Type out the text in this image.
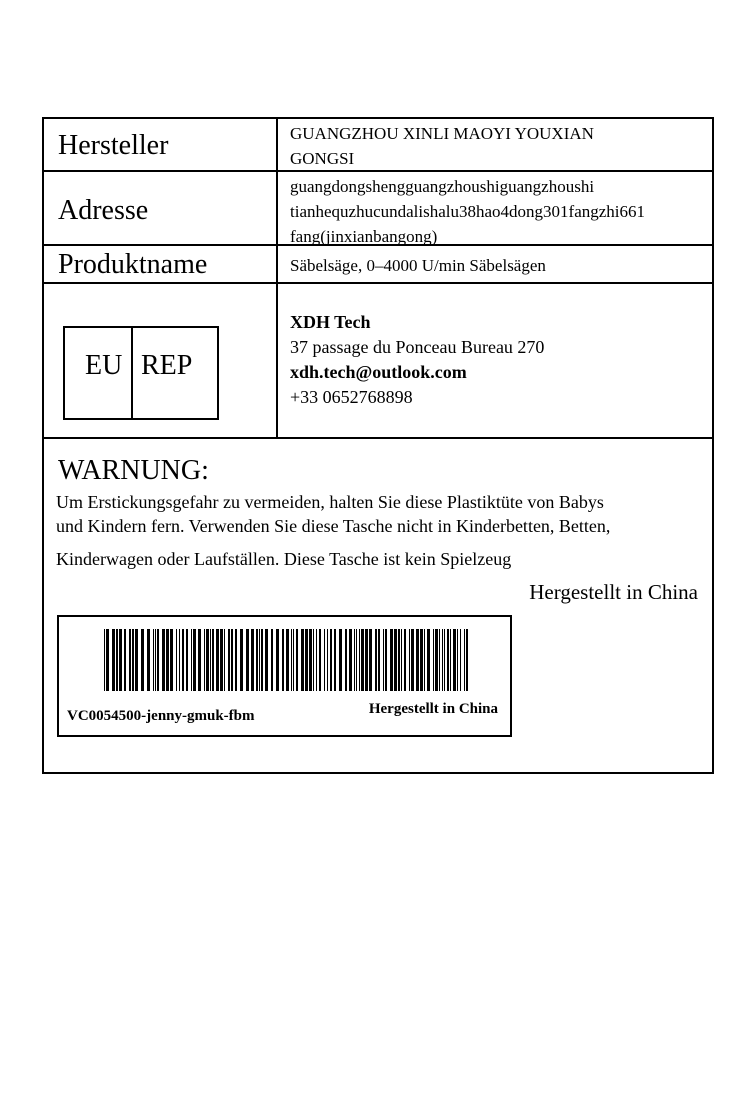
Hersteller	GUANGZHOU XINLI MAOYI YOUXIAN
GONGSI
Adresse
guangdongshengguangzhoushiguangzhoushi
tianhequzhucundalishalu38hao4dong301fangzhi661
fang(jinxianbangong)
Produktname	Säbelsäge, 0–4000 U/min Säbelsägen
EU REP
XDH Tech
37 passage du Ponceau Bureau 270
xdh.tech@outlook.com
+33 0652768898
WARNUNG:
Um Erstickungsgefahr zu vermeiden, halten Sie diese Plastiktüte von Babys
und Kindern fern. Verwenden Sie diese Tasche nicht in Kinderbetten, Betten,
Kinderwagen oder Laufställen. Diese Tasche ist kein Spielzeug
Hergestellt in China
VC0054500-jenny-gmuk-fbm	Hergestellt in China
